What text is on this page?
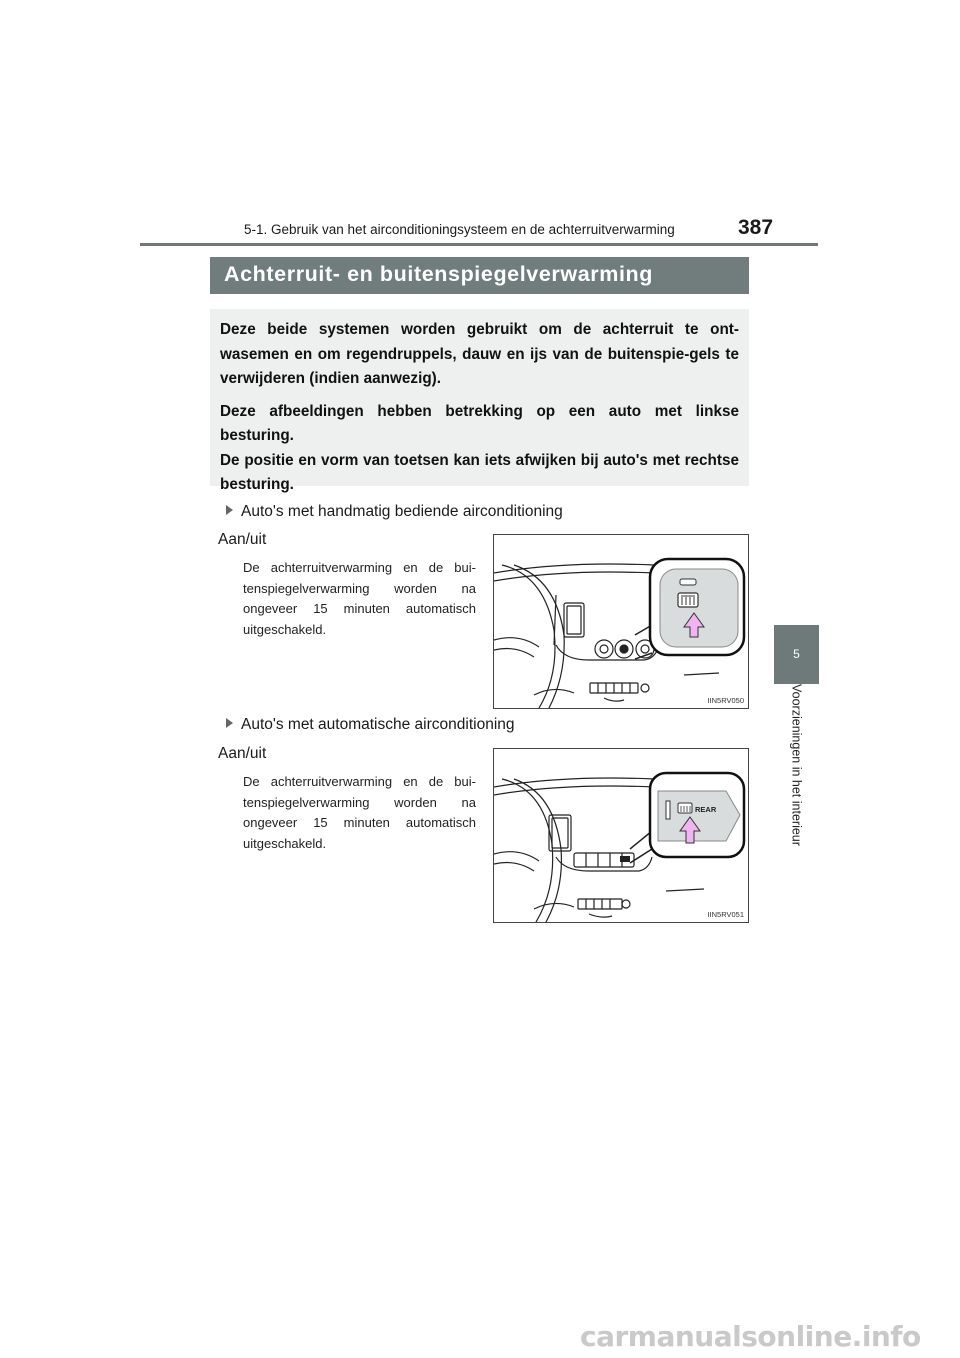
5-1. Gebruik van het airconditioningsysteem en de achterruitverwarming	387
5
Voorzieningen in het interieur
Achterruit- en buitenspiegelverwarming

Deze beide systemen worden gebruikt om de achterruit te ont-wasemen en om regendruppels, dauw en ijs van de buitenspie-gels te verwijderen (indien aanwezig).

Deze afbeeldingen hebben betrekking op een auto met linkse besturing.

De positie en vorm van toetsen kan iets afwijken bij auto's met rechtse besturing.

Auto's met handmatig bediende airconditioning
Aan/uit
De achterruitverwarming en de bui-tenspiegelverwarming worden na ongeveer 15 minuten automatisch uitgeschakeld.
IIN5RV050
Auto's met automatische airconditioning
Aan/uit
De achterruitverwarming en de bui-tenspiegelverwarming worden na ongeveer 15 minuten automatisch uitgeschakeld.
REAR
IIN5RV051
carmanualsonline.info
